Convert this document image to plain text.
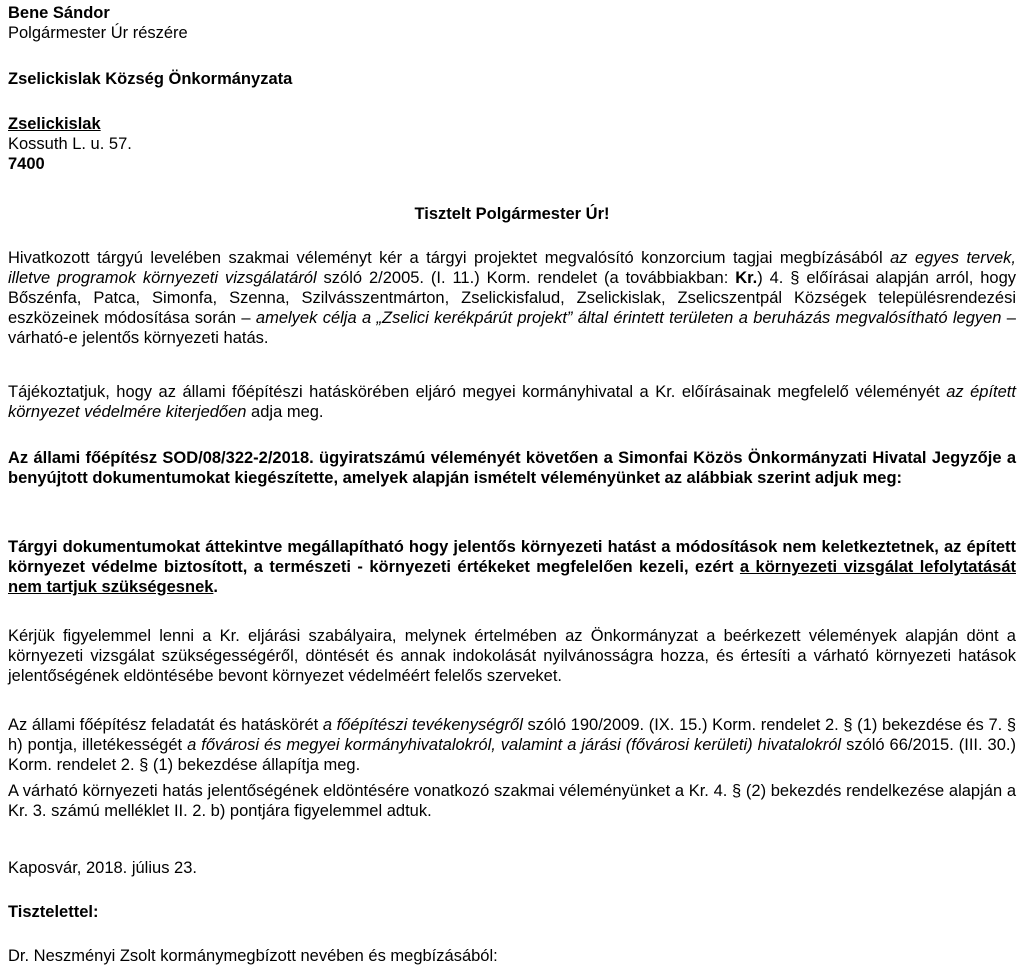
Bene Sándor
Polgármester Úr részére
Zselickislak Község Önkormányzata
Zselickislak
Kossuth L. u. 57.
7400
Tisztelt Polgármester Úr!

Hivatkozott tárgyú levelében szakmai véleményt kér a tárgyi projektet megvalósító konzorcium tagjai megbízásából az egyes tervek, illetve programok környezeti vizsgálatáról szóló 2/2005. (I. 11.) Korm. rendelet (a továbbiakban: Kr.) 4. § előírásai alapján arról, hogy Bőszénfa, Patca, Simonfa, Szenna, Szilvásszentmárton, Zselickisfalud, Zselickislak, Zselicszentpál Községek településrendezési eszközeinek módosítása során – amelyek célja a „Zselici kerékpárút projekt” által érintett területen a beruházás megvalósítható legyen – várható-e jelentős környezeti hatás.

Tájékoztatjuk, hogy az állami főépítészi hatáskörében eljáró megyei kormányhivatal a Kr. előírásainak megfelelő véleményét az épített környezet védelmére kiterjedően adja meg.

Az állami főépítész SOD/08/322-2/2018. ügyiratszámú véleményét követően a Simonfai Közös Önkormányzati Hivatal Jegyzője a benyújtott dokumentumokat kiegészítette, amelyek alapján ismételt véleményünket az alábbiak szerint adjuk meg:

Tárgyi dokumentumokat áttekintve megállapítható hogy jelentős környezeti hatást a módosítások nem keletkeztetnek, az épített környezet védelme biztosított, a természeti - környezeti értékeket megfelelően kezeli, ezért a környezeti vizsgálat lefolytatását nem tartjuk szükségesnek.

Kérjük figyelemmel lenni a Kr. eljárási szabályaira, melynek értelmében az Önkormányzat a beérkezett vélemények alapján dönt a környezeti vizsgálat szükségességéről, döntését és annak indokolását nyilvánosságra hozza, és értesíti a várható környezeti hatások jelentőségének eldöntésébe bevont környezet védelméért felelős szerveket.

Az állami főépítész feladatát és hatáskörét a főépítészi tevékenységről szóló 190/2009. (IX. 15.) Korm. rendelet 2. § (1) bekezdése és 7. § h) pontja, illetékességét a fővárosi és megyei kormányhivatalokról, valamint a járási (fővárosi kerületi) hivatalokról szóló 66/2015. (III. 30.) Korm. rendelet 2. § (1) bekezdése állapítja meg.

A várható környezeti hatás jelentőségének eldöntésére vonatkozó szakmai véleményünket a Kr. 4. § (2) bekezdés rendelkezése alapján a Kr. 3. számú melléklet II. 2. b) pontjára figyelemmel adtuk.

Kaposvár, 2018. július 23.
Tisztelettel:
Dr. Neszményi Zsolt kormánymegbízott nevében és megbízásából:
